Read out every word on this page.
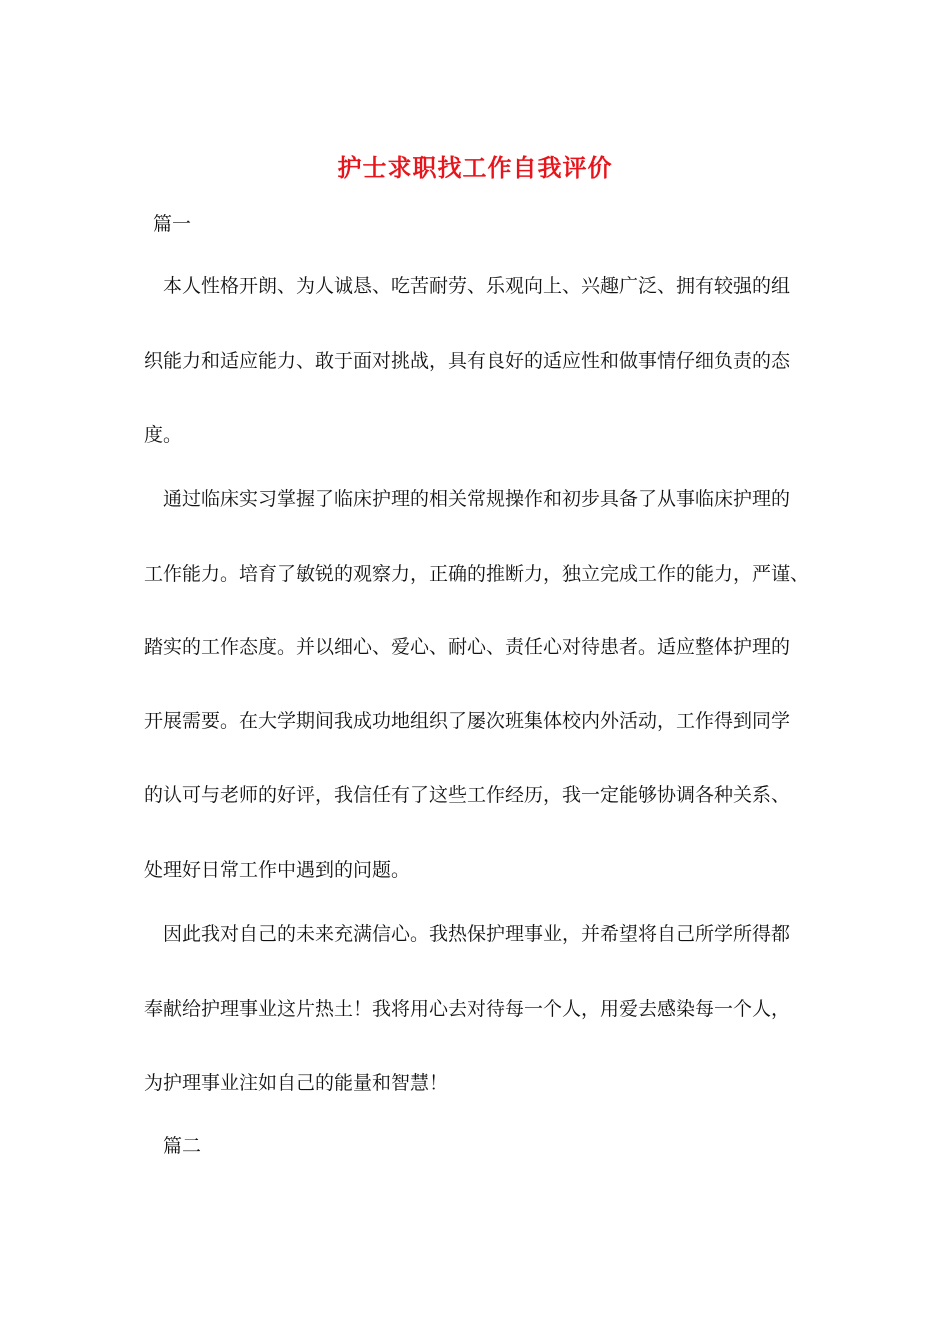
护士求职找工作自我评价
篇一
本人性格开朗、为人诚恳、吃苦耐劳、乐观向上、兴趣广泛、拥有较强的组
织能力和适应能力、敢于面对挑战，具有良好的适应性和做事情仔细负责的态
度。
通过临床实习掌握了临床护理的相关常规操作和初步具备了从事临床护理的
工作能力。培育了敏锐的观察力，正确的推断力，独立完成工作的能力，严谨、
踏实的工作态度。并以细心、爱心、耐心、责任心对待患者。适应整体护理的
开展需要。在大学期间我成功地组织了屡次班集体校内外活动，工作得到同学
的认可与老师的好评，我信任有了这些工作经历，我一定能够协调各种关系、
处理好日常工作中遇到的问题。
因此我对自己的未来充满信心。我热保护理事业，并希望将自己所学所得都
奉献给护理事业这片热土！我将用心去对待每一个人，用爱去感染每一个人，
为护理事业注如自己的能量和智慧！
篇二
